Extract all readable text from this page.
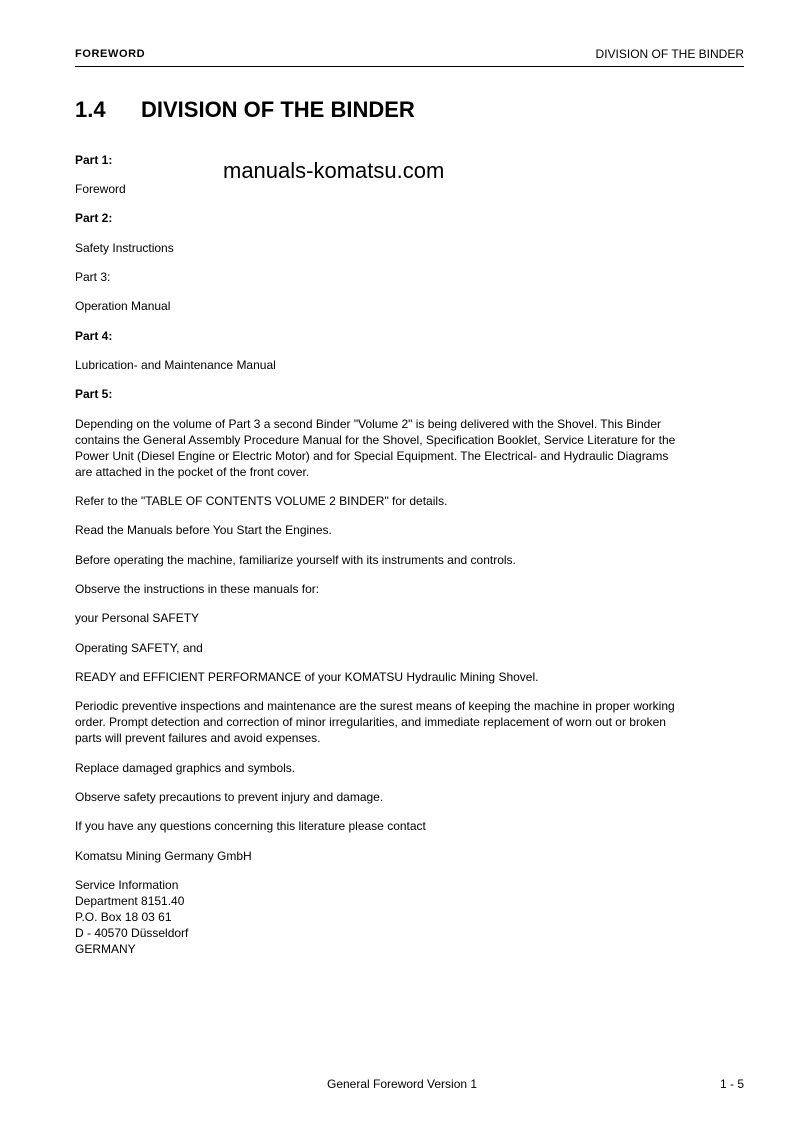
FOREWORD	DIVISION OF THE BINDER
1.4 DIVISION OF THE BINDER
manuals-komatsu.com
Part 1:
Foreword
Part 2:
Safety Instructions
Part 3:
Operation Manual
Part 4:
Lubrication- and Maintenance Manual
Part 5:
Depending on the volume of Part 3 a second Binder "Volume 2" is being delivered with the Shovel. This Binder
contains the General Assembly Procedure Manual for the Shovel, Specification Booklet, Service Literature for the
Power Unit (Diesel Engine or Electric Motor) and for Special Equipment. The Electrical- and Hydraulic Diagrams
are attached in the pocket of the front cover.
Refer to the "TABLE OF CONTENTS VOLUME 2 BINDER" for details.
Read the Manuals before You Start the Engines.
Before operating the machine, familiarize yourself with its instruments and controls.
Observe the instructions in these manuals for:
your Personal SAFETY
Operating SAFETY, and
READY and EFFICIENT PERFORMANCE of your KOMATSU Hydraulic Mining Shovel.
Periodic preventive inspections and maintenance are the surest means of keeping the machine in proper working
order. Prompt detection and correction of minor irregularities, and immediate replacement of worn out or broken
parts will prevent failures and avoid expenses.
Replace damaged graphics and symbols.
Observe safety precautions to prevent injury and damage.
If you have any questions concerning this literature please contact
Komatsu Mining Germany GmbH
Service Information
Department 8151.40
P.O. Box 18 03 61
D - 40570 Düsseldorf
GERMANY
General Foreword Version 1	1 - 5
